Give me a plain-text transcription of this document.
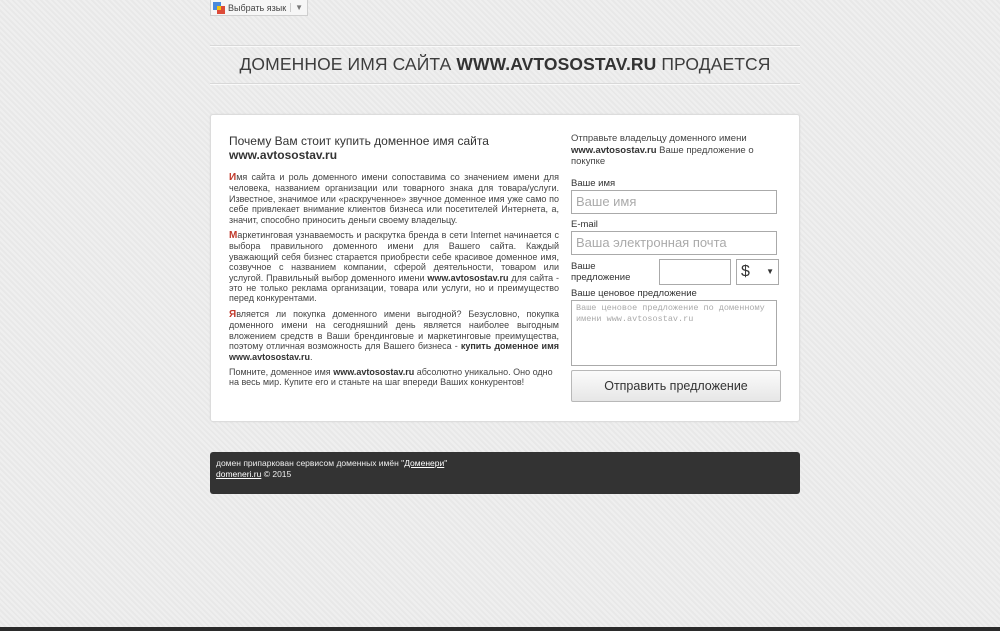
Выбрать язык	▼
ДОМЕННОЕ ИМЯ САЙТА
WWW.AVTOSOSTAV.RU
ПРОДАЕТСЯ
Почему Вам стоит купить доменное имя сайта
www.avtosostav.ru

Имя сайта и роль доменного имени сопоставима со значением имени для человека, названием организации или товарного знака для товара/услуги. Известное, значимое или «раскрученное» звучное доменное имя уже само по себе привлекает внимание клиентов бизнеса или посетителей Интернета, а, значит, способно приносить деньги своему владельцу.

Маркетинговая узнаваемость и раскрутка бренда в сети Internet начинается с выбора правильного доменного имени для Вашего сайта. Каждый уважающий себя бизнес старается приобрести себе красивое доменное имя, созвучное с названием компании, сферой деятельности, товаром или услугой. Правильный выбор доменного имени www.avtosostav.ru для сайта - это не только реклама организации, товара или услуги, но и преимущество перед конкурентами.

Является ли покупка доменного имени выгодной? Безусловно, покупка доменного имени на сегодняшний день является наиболее выгодным вложением средств в Ваши брендинговые и маркетинговые преимущества, поэтому отличная возможность для Вашего бизнеса - купить доменное имя www.avtosostav.ru.

Помните, доменное имя www.avtosostav.ru абсолютно уникально. Оно одно на весь мир. Купите его и станьте на шаг впереди Ваших конкурентов!

Отправьте владельцу доменного имени
www.avtosostav.ru Ваше предложение о покупке
Ваше имя
Ваше имя
E-mail
Ваша электронная почта
Ваше предложение	$ ▼
Ваше ценовое предложение
Ваше ценовое предложение по доменному имени www.avtosostav.ru
Отправить предложение
домен припаркован сервисом доменных имён "Доменери"
domeneri.ru © 2015
